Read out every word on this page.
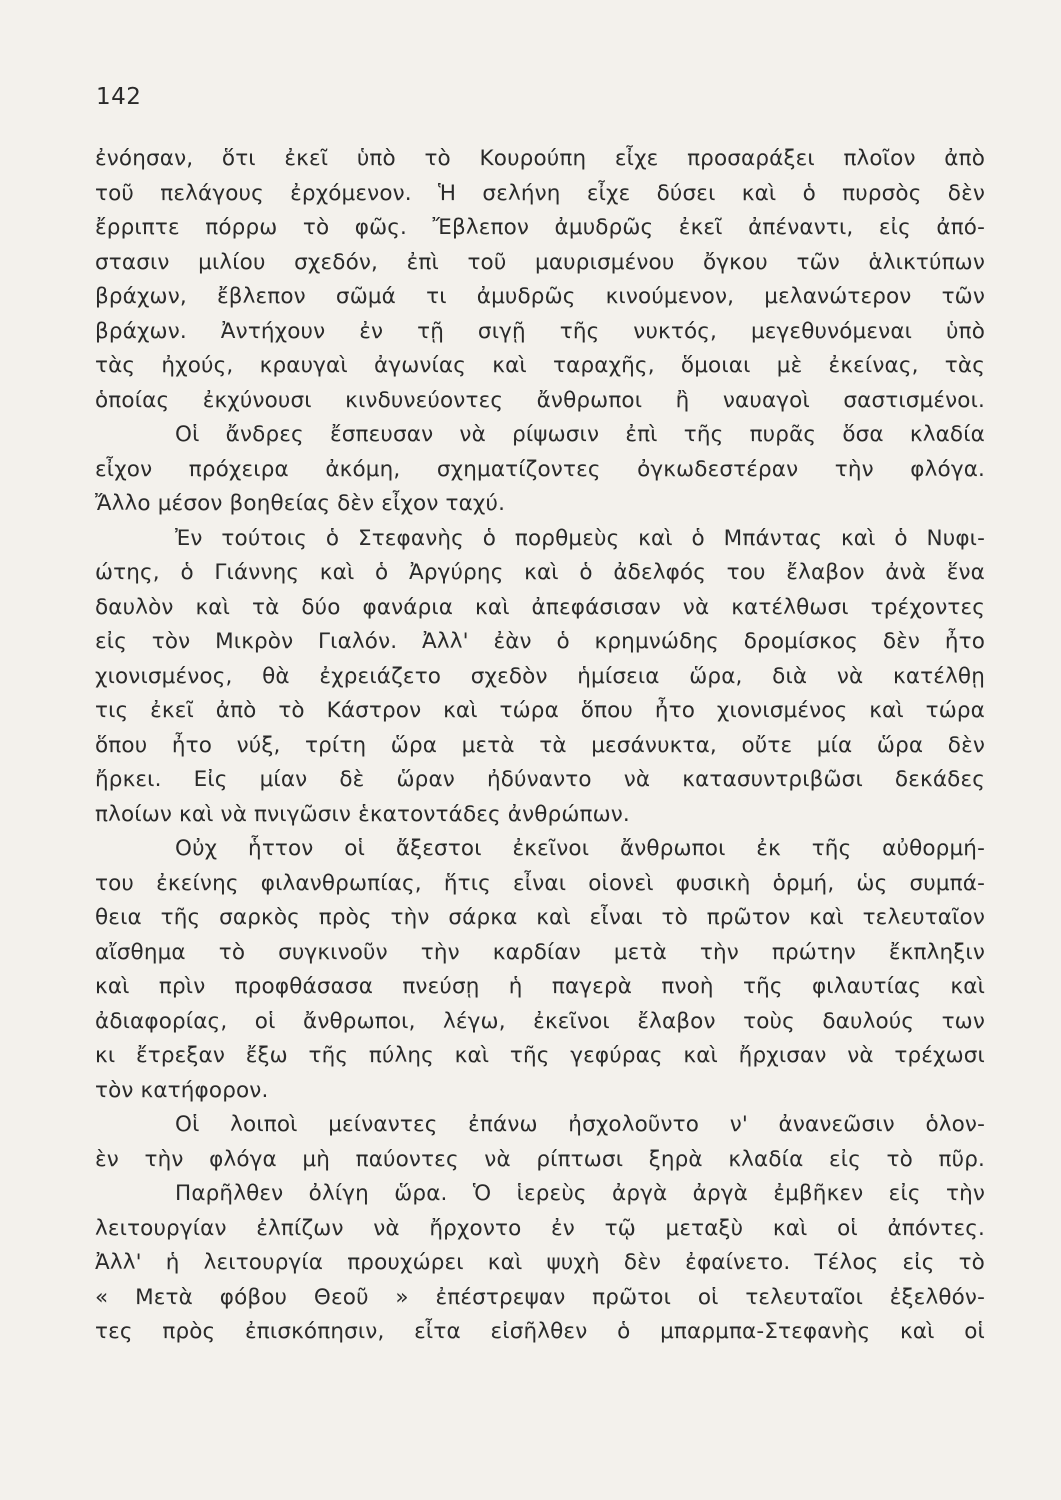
142
ἐνόησαν, ὅτι ἐκεῖ ὑπὸ τὸ Κουρούπη εἶχε προσαράξει πλοῖον ἀπὸ
τοῦ πελάγους ἐρχόμενον. Ἡ σελήνη εἶχε δύσει καὶ ὁ πυρσὸς δὲν
ἔρριπτε πόρρω τὸ φῶς. Ἔβλεπον ἀμυδρῶς ἐκεῖ ἀπέναντι, εἰς ἀπό-
στασιν μιλίου σχεδόν, ἐπὶ τοῦ μαυρισμένου ὄγκου τῶν ἁλικτύπων
βράχων, ἔβλεπον σῶμά τι ἀμυδρῶς κινούμενον, μελανώτερον τῶν
βράχων. Ἀντήχουν ἐν τῇ σιγῇ τῆς νυκτός, μεγεθυνόμεναι ὑπὸ
τὰς ἠχούς, κραυγαὶ ἀγωνίας καὶ ταραχῆς, ὅμοιαι μὲ ἐκείνας, τὰς
ὁποίας ἐκχύνουσι κινδυνεύοντες ἄνθρωποι ἢ ναυαγοὶ σαστισμένοι.
Οἱ ἄνδρες ἔσπευσαν νὰ ρίψωσιν ἐπὶ τῆς πυρᾶς ὅσα κλαδία
εἶχον πρόχειρα ἀκόμη, σχηματίζοντες ὀγκωδεστέραν τὴν φλόγα.
Ἄλλο μέσον βοηθείας δὲν εἶχον ταχύ.
Ἐν τούτοις ὁ Στεφανὴς ὁ πορθμεὺς καὶ ὁ Μπάντας καὶ ὁ Νυφι-
ώτης, ὁ Γιάννης καὶ ὁ Ἀργύρης καὶ ὁ ἀδελφός του ἔλαβον ἀνὰ ἕνα
δαυλὸν καὶ τὰ δύο φανάρια καὶ ἀπεφάσισαν νὰ κατέλθωσι τρέχοντες
εἰς τὸν Μικρὸν Γιαλόν. Ἀλλ' ἐὰν ὁ κρημνώδης δρομίσκος δὲν ἦτο
χιονισμένος, θὰ ἐχρειάζετο σχεδὸν ἡμίσεια ὥρα, διὰ νὰ κατέλθῃ
τις ἐκεῖ ἀπὸ τὸ Κάστρον καὶ τώρα ὅπου ἦτο χιονισμένος καὶ τώρα
ὅπου ἦτο νύξ, τρίτη ὥρα μετὰ τὰ μεσάνυκτα, οὔτε μία ὥρα δὲν
ἤρκει. Εἰς μίαν δὲ ὥραν ἠδύναντο νὰ κατασυντριβῶσι δεκάδες
πλοίων καὶ νὰ πνιγῶσιν ἑκατοντάδες ἀνθρώπων.
Οὐχ ἧττον οἱ ἄξεστοι ἐκεῖνοι ἄνθρωποι ἐκ τῆς αὐθορμή-
του ἐκείνης φιλανθρωπίας, ἥτις εἶναι οἱονεὶ φυσικὴ ὁρμή, ὡς συμπά-
θεια τῆς σαρκὸς πρὸς τὴν σάρκα καὶ εἶναι τὸ πρῶτον καὶ τελευταῖον
αἴσθημα τὸ συγκινοῦν τὴν καρδίαν μετὰ τὴν πρώτην ἔκπληξιν
καὶ πρὶν προφθάσασα πνεύσῃ ἡ παγερὰ πνοὴ τῆς φιλαυτίας καὶ
ἀδιαφορίας, οἱ ἄνθρωποι, λέγω, ἐκεῖνοι ἔλαβον τοὺς δαυλούς των
κι ἔτρεξαν ἔξω τῆς πύλης καὶ τῆς γεφύρας καὶ ἤρχισαν νὰ τρέχωσι
τὸν κατήφορον.
Οἱ λοιποὶ μείναντες ἐπάνω ἠσχολοῦντο ν' ἀνανεῶσιν ὁλον-
ὲν τὴν φλόγα μὴ παύοντες νὰ ρίπτωσι ξηρὰ κλαδία εἰς τὸ πῦρ.
Παρῆλθεν ὀλίγη ὥρα. Ὁ ἱερεὺς ἀργὰ ἀργὰ ἐμβῆκεν εἰς τὴν
λειτουργίαν ἐλπίζων νὰ ἤρχοντο ἐν τῷ μεταξὺ καὶ οἱ ἀπόντες.
Ἀλλ' ἡ λειτουργία προυχώρει καὶ ψυχὴ δὲν ἐφαίνετο. Τέλος εἰς τὸ
« Μετὰ φόβου Θεοῦ » ἐπέστρεψαν πρῶτοι οἱ τελευταῖοι ἐξελθόν-
τες πρὸς ἐπισκόπησιν, εἶτα εἰσῆλθεν ὁ μπαρμπα-Στεφανὴς καὶ οἱ
